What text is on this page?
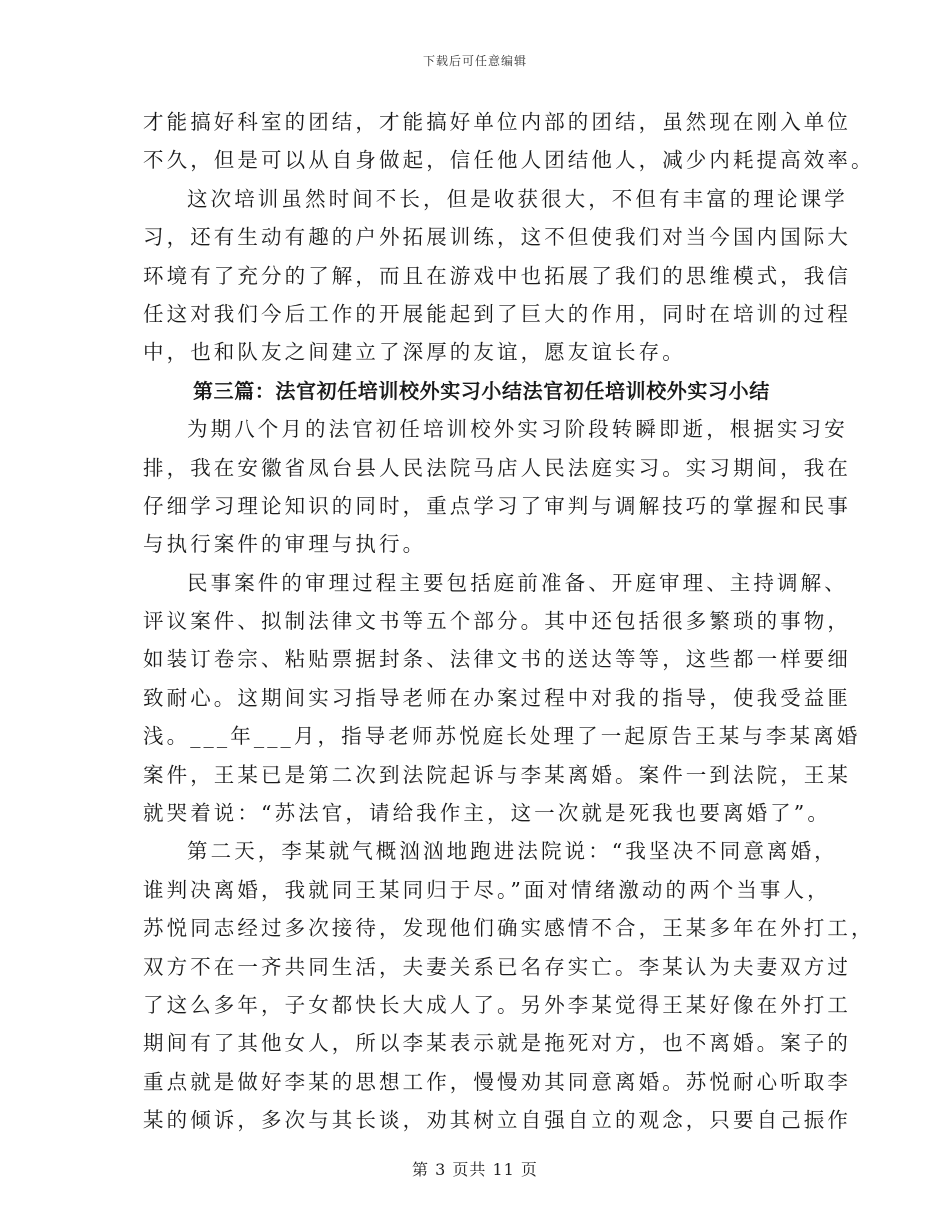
下载后可任意编辑
才能搞好科室的团结，才能搞好单位内部的团结，虽然现在刚入单位
不久，但是可以从自身做起，信任他人团结他人，减少内耗提高效率。
这次培训虽然时间不长，但是收获很大，不但有丰富的理论课学
习，还有生动有趣的户外拓展训练，这不但使我们对当今国内国际大
环境有了充分的了解，而且在游戏中也拓展了我们的思维模式，我信
任这对我们今后工作的开展能起到了巨大的作用，同时在培训的过程
中，也和队友之间建立了深厚的友谊，愿友谊长存。
第三篇：法官初任培训校外实习小结法官初任培训校外实习小结
为期八个月的法官初任培训校外实习阶段转瞬即逝，根据实习安
排，我在安徽省凤台县人民法院马店人民法庭实习。实习期间，我在
仔细学习理论知识的同时，重点学习了审判与调解技巧的掌握和民事
与执行案件的审理与执行。
民事案件的审理过程主要包括庭前准备、开庭审理、主持调解、
评议案件、拟制法律文书等五个部分。其中还包括很多繁琐的事物，
如装订卷宗、粘贴票据封条、法律文书的送达等等，这些都一样要细
致耐心。这期间实习指导老师在办案过程中对我的指导，使我受益匪
浅。___年___月，指导老师苏悦庭长处理了一起原告王某与李某离婚
案件，王某已是第二次到法院起诉与李某离婚。案件一到法院，王某
就哭着说：“苏法官，请给我作主，这一次就是死我也要离婚了”。
第二天，李某就气概汹汹地跑进法院说：“我坚决不同意离婚，
谁判决离婚，我就同王某同归于尽。”面对情绪激动的两个当事人，
苏悦同志经过多次接待，发现他们确实感情不合，王某多年在外打工，
双方不在一齐共同生活，夫妻关系已名存实亡。李某认为夫妻双方过
了这么多年，子女都快长大成人了。另外李某觉得王某好像在外打工
期间有了其他女人，所以李某表示就是拖死对方，也不离婚。案子的
重点就是做好李某的思想工作，慢慢劝其同意离婚。苏悦耐心听取李
某的倾诉，多次与其长谈，劝其树立自强自立的观念，只要自己振作
第 3 页共 11 页
